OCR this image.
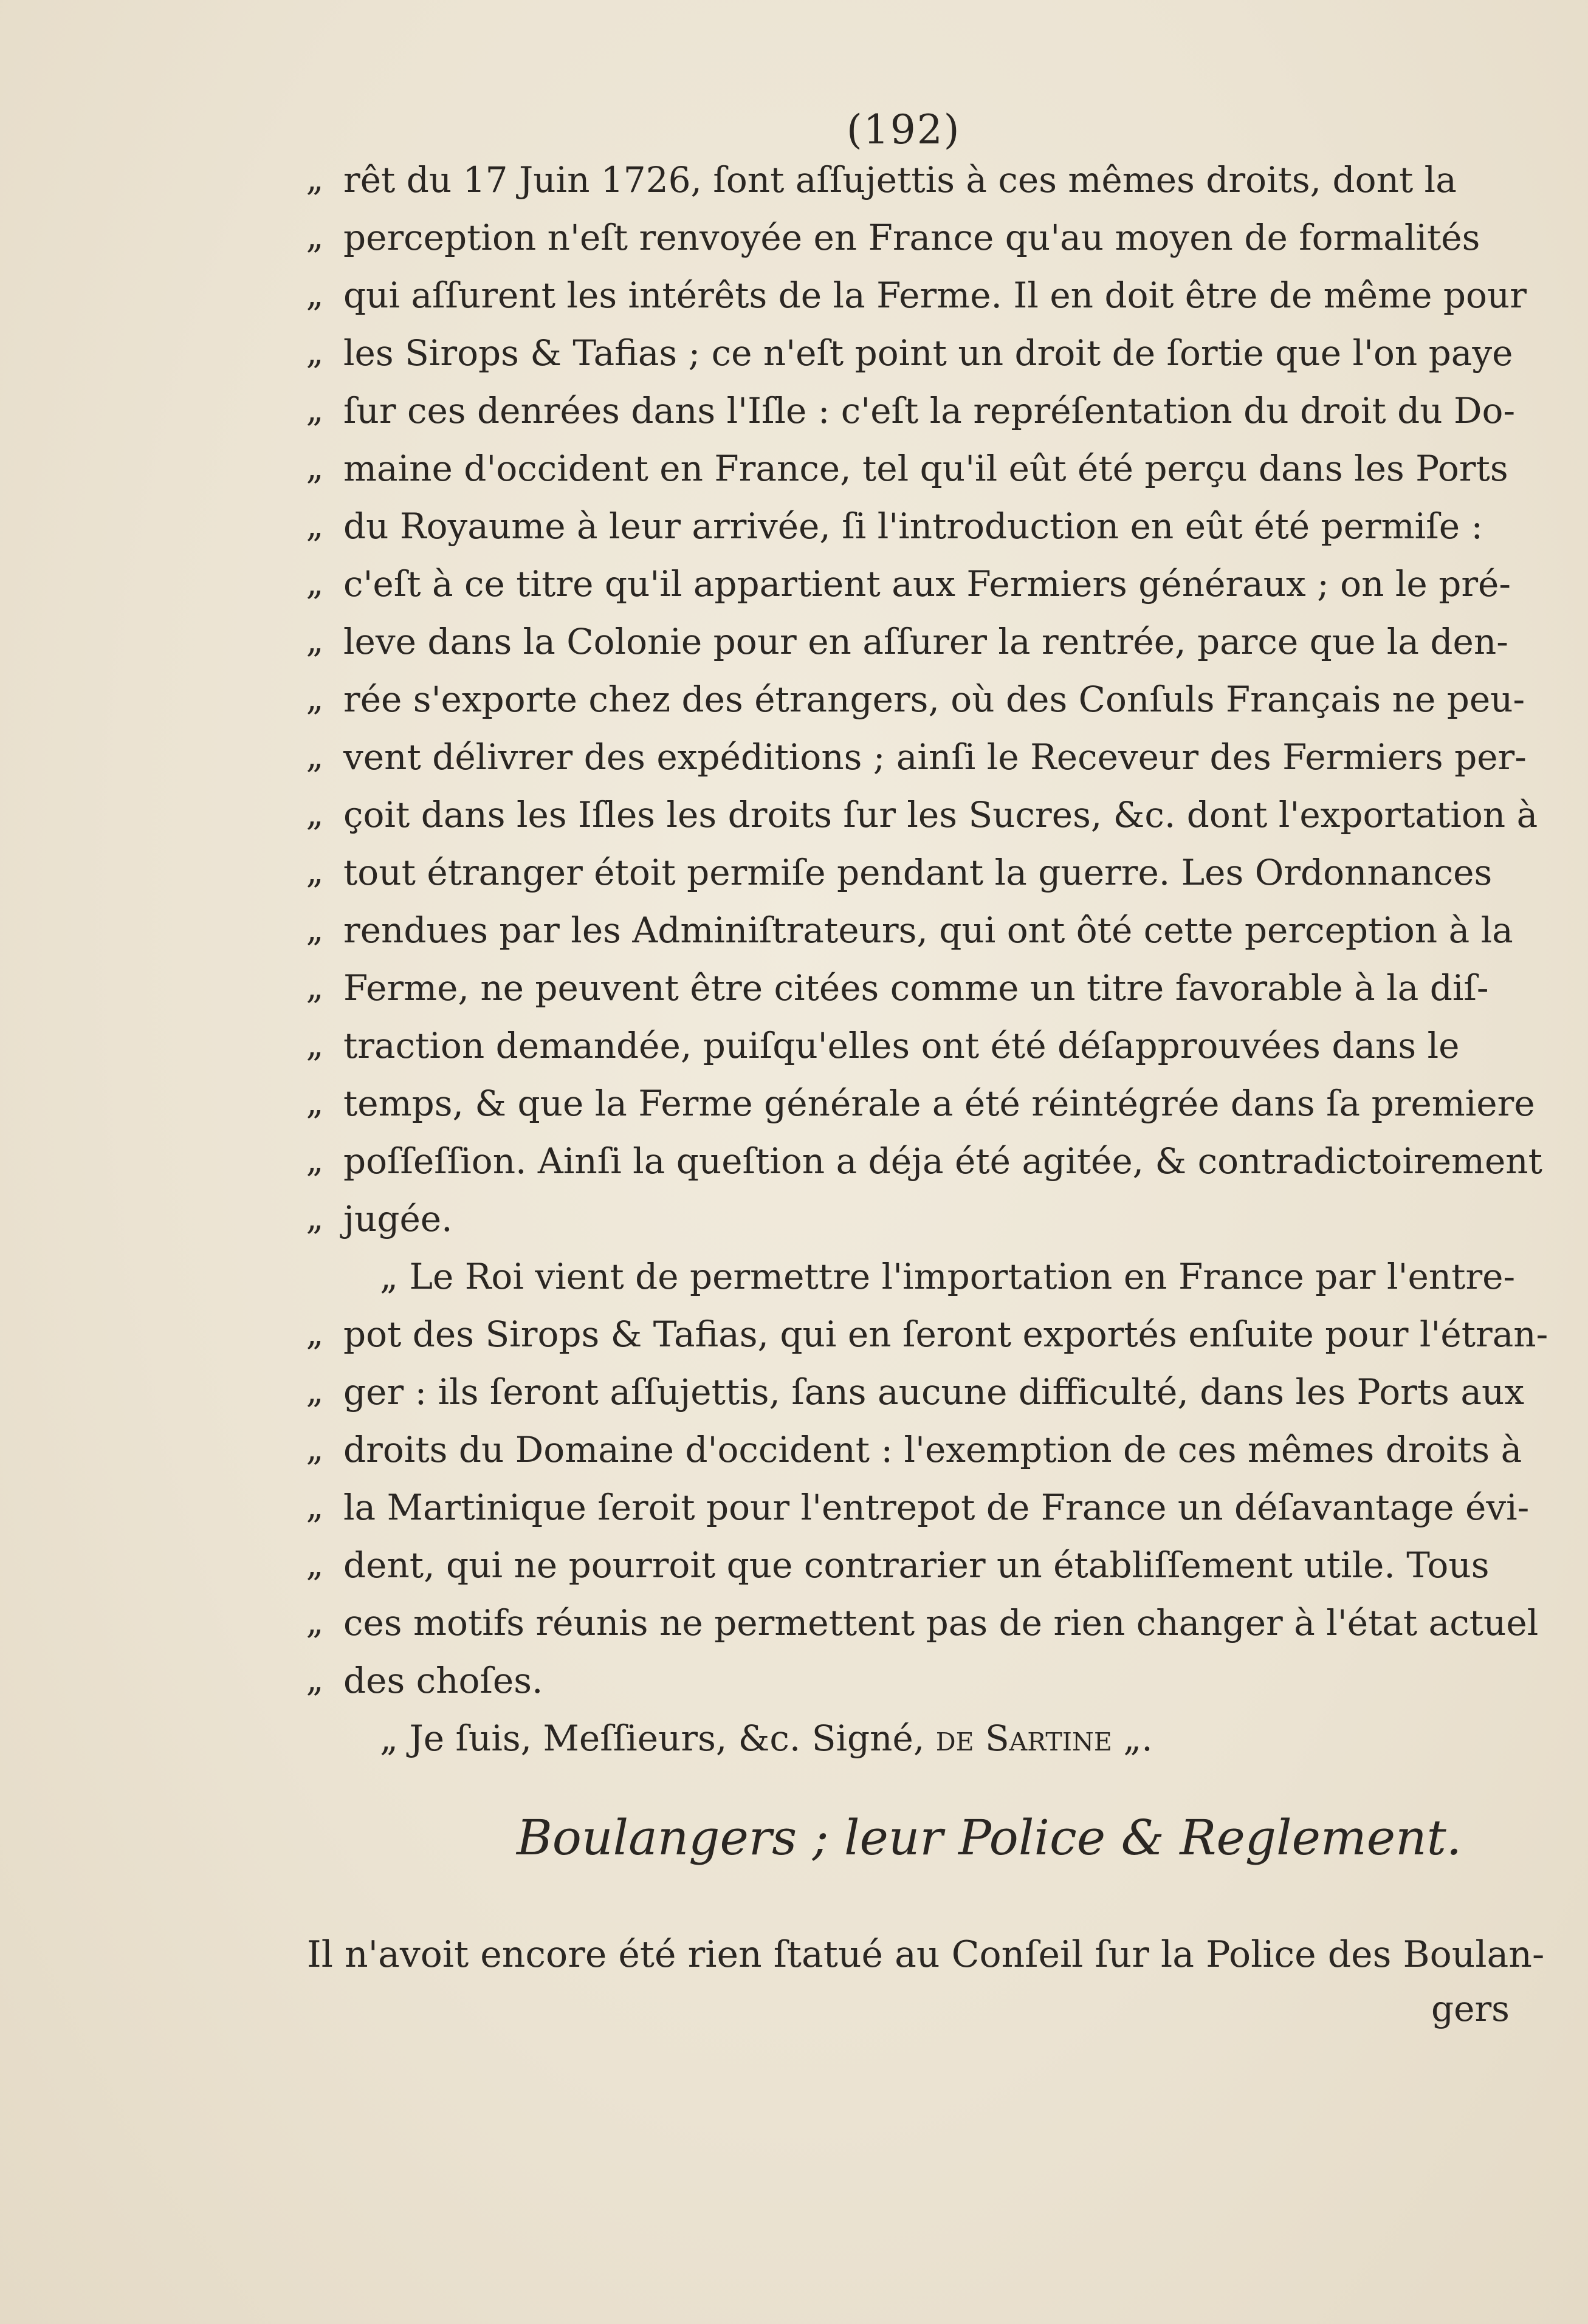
(192)
„ rêt du 17 Juin 1726, ſont aſſujettis à ces mêmes droits, dont la
„ perception n'eſt renvoyée en France qu'au moyen de formalités
„ qui aſſurent les intérêts de la Ferme. Il en doit être de même pour
„ les Sirops & Tafias ; ce n'eſt point un droit de ſortie que l'on paye
„ ſur ces denrées dans l'Iſle : c'eſt la repréſentation du droit du Do-
„ maine d'occident en France, tel qu'il eût été perçu dans les Ports
„ du Royaume à leur arrivée, ſi l'introduction en eût été permiſe :
„ c'eſt à ce titre qu'il appartient aux Fermiers généraux ; on le pré-
„ leve dans la Colonie pour en aſſurer la rentrée, parce que la den-
„ rée s'exporte chez des étrangers, où des Conſuls Français ne peu-
„ vent délivrer des expéditions ; ainſi le Receveur des Fermiers per-
„ çoit dans les Iſles les droits ſur les Sucres, &c. dont l'exportation à
„ tout étranger étoit permiſe pendant la guerre. Les Ordonnances
„ rendues par les Adminiſtrateurs, qui ont ôté cette perception à la
„ Ferme, ne peuvent être citées comme un titre favorable à la diſ-
„ traction demandée, puiſqu'elles ont été déſapprouvées dans le
„ temps, & que la Ferme générale a été réintégrée dans ſa premiere
„ poſſeſſion. Ainſi la queſtion a déja été agitée, & contradictoirement
„ jugée.
„ Le Roi vient de permettre l'importation en France par l'entre-
„ pot des Sirops & Tafias, qui en ſeront exportés enſuite pour l'étran-
„ ger : ils ſeront aſſujettis, ſans aucune difficulté, dans les Ports aux
„ droits du Domaine d'occident : l'exemption de ces mêmes droits à
„ la Martinique ſeroit pour l'entrepot de France un déſavantage évi-
„ dent, qui ne pourroit que contrarier un établiſſement utile. Tous
„ ces motifs réunis ne permettent pas de rien changer à l'état actuel
„ des choſes.
„ Je ſuis, Meſſieurs, &c. Signé, de Sartine „.
Boulangers ; leur Police & Reglement.
Il n'avoit encore été rien ſtatué au Conſeil ſur la Police des Boulan-
gers
